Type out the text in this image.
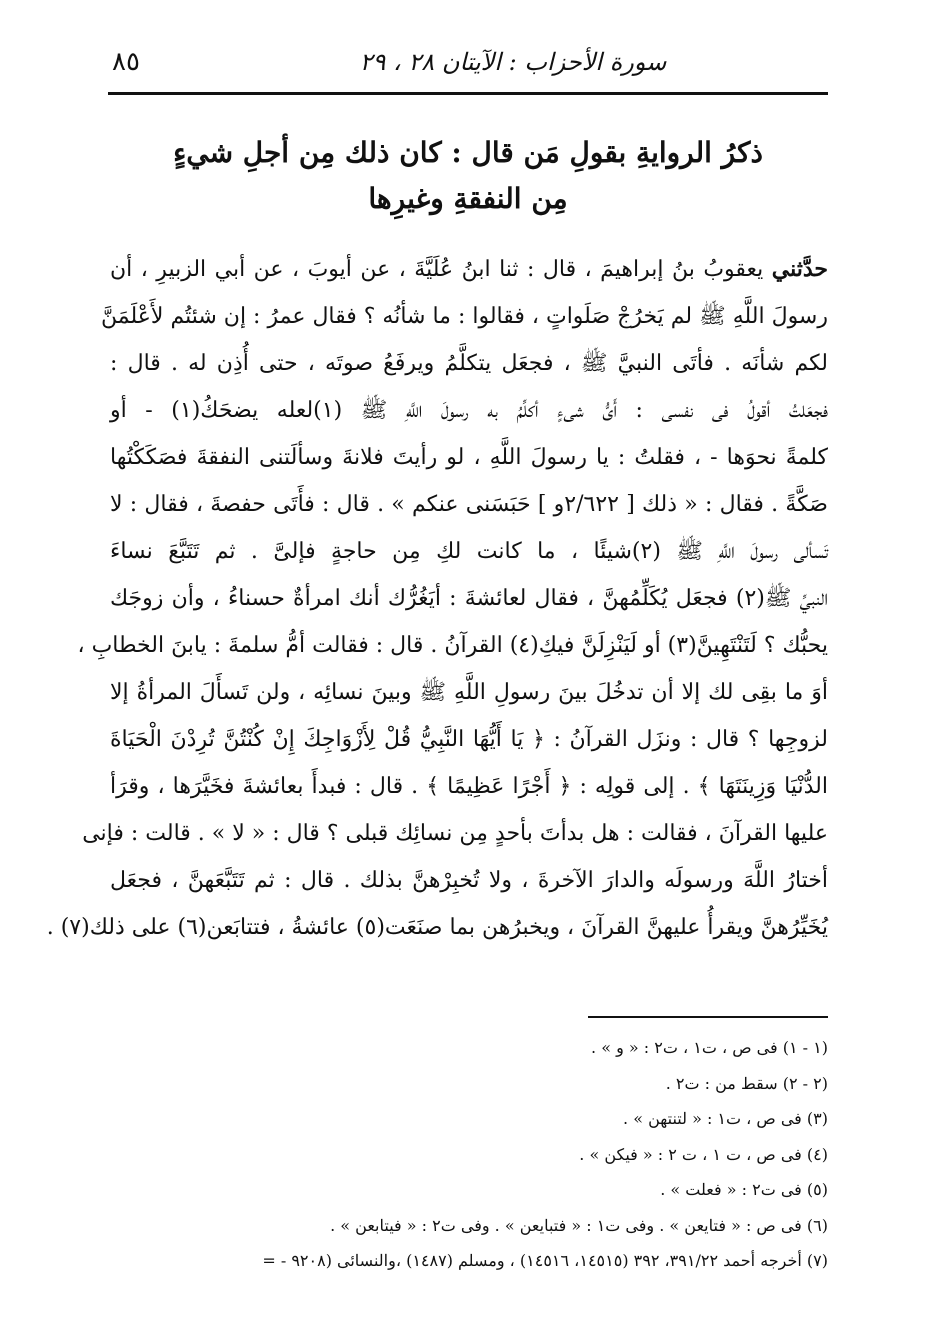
سورة الأحزاب : الآيتان ٢٨ ، ٢٩
٨٥
ذكرُ الروايةِ بقولِ مَن قال : كان ذلك مِن أجلِ شيءٍ
مِن النفقةِ وغيرِها
حدَّثني يعقوبُ بنُ إبراهيمَ ، قال : ثنا ابنُ عُلَيَّةَ ، عن أيوبَ ، عن أبي الزبيرِ ، أن
رسولَ اللَّهِ ﷺ لم يَخرُجْ صَلَواتٍ ، فقالوا : ما شأنُه ؟ فقال عمرُ : إن شئتُم لأَعْلَمَنَّ
لكم شأنَه . فأتَى النبيَّ ﷺ ، فجعَل يتكلَّمُ ويرفَعُ صوتَه ، حتى أُذِن له . قال :
فجعَلتُ أقولُ فى نفسى : أَىُّ شىءٍ أكلِّمُ به رسولَ اللَّهِ ﷺ (١)لعله يضحَكُ(١) - أو
كلمةً نحوَها - ، فقلتُ : يا رسولَ اللَّهِ ، لو رأيتَ فلانةَ وسألَتنى النفقةَ فصَكَكْتُها
صَكَّةً . فقال : « ذلك [ ٢/٦٢٢و ] حَبَسَنى عنكم » . قال : فأَتَى حفصةَ ، فقال : لا
تَسألى رسولَ اللَّهِ ﷺ (٢)شيئًا ، ما كانت لكِ مِن حاجةٍ فإلىَّ . ثم تَتَبَّعَ نساءَ
النبيِّ ﷺ(٢) فجعَل يُكَلِّمُهنَّ ، فقال لعائشةَ : أيَغُرُّك أنك امرأةٌ حسناءُ ، وأن زوجَك
يحبُّك ؟ لَتَنْتَهِينَّ(٣) أو لَيَنْزِلَنَّ فيكِ(٤) القرآنُ . قال : فقالت أمُّ سلمةَ : يابنَ الخطابِ ،
أوَ ما بقِى لك إلا أن تدخُلَ بينَ رسولِ اللَّهِ ﷺ وبينَ نسائِه ، ولن تَسأَلَ المرأةُ إلا
لزوجِها ؟ قال : ونزَل القرآنُ : ﴿ يَا أَيُّهَا النَّبِيُّ قُلْ لِأَزْوَاجِكَ إِنْ كُنْتُنَّ تُرِدْنَ الْحَيَاةَ
الدُّنْيَا وَزِينَتَهَا ﴾ . إلى قولِه : ﴿ أَجْرًا عَظِيمًا ﴾ . قال : فبدأَ بعائشةَ فخَيَّرَها ، وقرَأ
عليها القرآنَ ، فقالت : هل بدأتَ بأحدٍ مِن نسائِك قبلى ؟ قال : « لا » . قالت : فإنى
أختارُ اللَّهَ ورسولَه والدارَ الآخرةَ ، ولا تُخبِرْهنَّ بذلك . قال : ثم تَتَبَّعَهنَّ ، فجعَل
يُخَيِّرُهنَّ ويقرأُ عليهنَّ القرآنَ ، ويخبرُهن بما صنَعَت(٥) عائشةُ ، فتتابَعن(٦) على ذلك(٧) .
(١ - ١) فى ص ، ت١ ، ت٢ : « و » .
(٢ - ٢) سقط من : ت٢ .
(٣) فى ص ، ت١ : « لتنتهن » .
(٤) فى ص ، ت ١ ، ت ٢ : « فيكن » .
(٥) فى ت٢ : « فعلت » .
(٦) فى ص : « فتايعن » . وفى ت١ : « فتبايعن » . وفى ت٢ : « فيتابعن » .
(٧) أخرجه أحمد ٣٩١/٢٢، ٣٩٢ (١٤٥١٥، ١٤٥١٦) ، ومسلم (١٤٨٧) ،والنسائى (٩٢٠٨ - =
